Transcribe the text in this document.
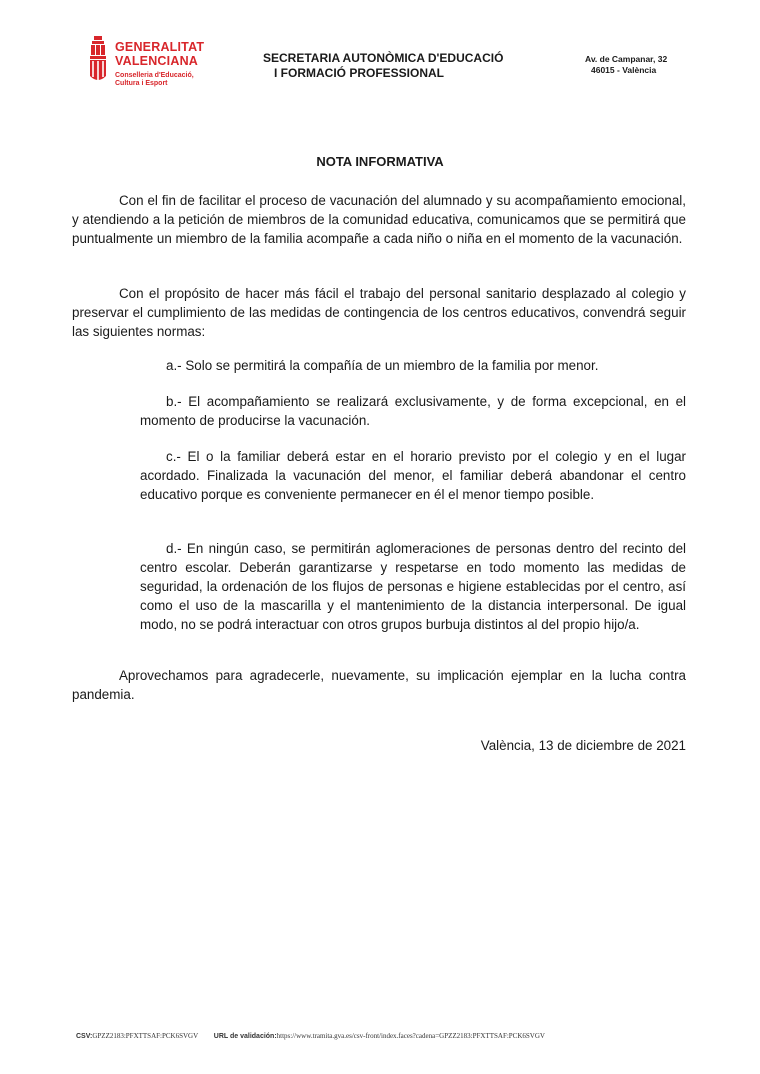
GENERALITAT
VALENCIANA
Conselleria d'Educació,
Cultura i Esport
SECRETARIA AUTONÒMICA D'EDUCACIÓ
I FORMACIÓ PROFESSIONAL
Av. de Campanar, 32
46015 - València
NOTA INFORMATIVA

Con el fin de facilitar el proceso de vacunación del alumnado y su acompañamiento emocional, y atendiendo a la petición de miembros de la comunidad educativa, comunicamos que se permitirá que puntualmente un miembro de la familia acompañe a cada niño o niña en el momento de la vacunación.

Con el propósito de hacer más fácil el trabajo del personal sanitario desplazado al colegio y preservar el cumplimiento de las medidas de contingencia de los centros educativos, convendrá seguir las siguientes normas:

a.- Solo se permitirá la compañía de un miembro de la familia por menor.

b.- El acompañamiento se realizará exclusivamente, y de forma excepcional, en el momento de producirse la vacunación.

c.- El o la familiar deberá estar en el horario previsto por el colegio y en el lugar acordado. Finalizada la vacunación del menor, el familiar deberá abandonar el centro educativo porque es conveniente permanecer en él el menor tiempo posible.

d.- En ningún caso, se permitirán aglomeraciones de personas dentro del recinto del centro escolar. Deberán garantizarse y respetarse en todo momento las medidas de seguridad, la ordenación de los flujos de personas e higiene establecidas por el centro, así como el uso de la mascarilla y el mantenimiento de la distancia interpersonal. De igual modo, no se podrá interactuar con otros grupos burbuja distintos al del propio hijo/a.

Aprovechamos para agradecerle, nuevamente, su implicación ejemplar en la lucha contra pandemia.

València, 13 de diciembre de 2021
CSV:GPZZ2183:PFXTTSAF:PCK6SVGV URL de validación:https://www.tramita.gva.es/csv-front/index.faces?cadena=GPZZ2183:PFXTTSAF:PCK6SVGV
